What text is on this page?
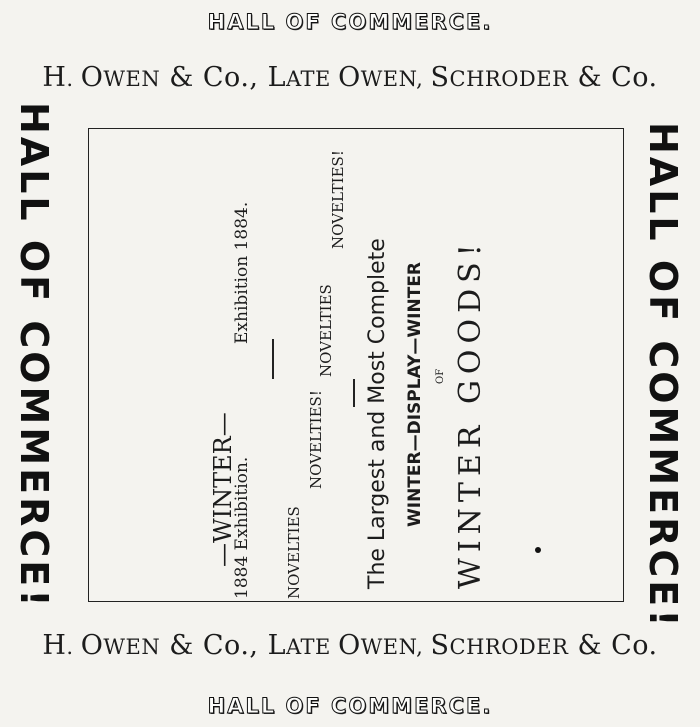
HALL OF COMMERCE.
H. OWEN & Co., LATE OWEN, SCHRODER & Co.
HALL OF COMMERCE!	HALL OF COMMERCE!
—WINTER—
1884 Exhibition.
Exhibition 1884.
NOVELTIES
NOVELTIES!
NOVELTIES
NOVELTIES!
The Largest and Most Complete WINTER—DISPLAY—WINTER OF WINTER GOODS!
H. OWEN & Co., LATE OWEN, SCHRODER & Co.
HALL OF COMMERCE.
